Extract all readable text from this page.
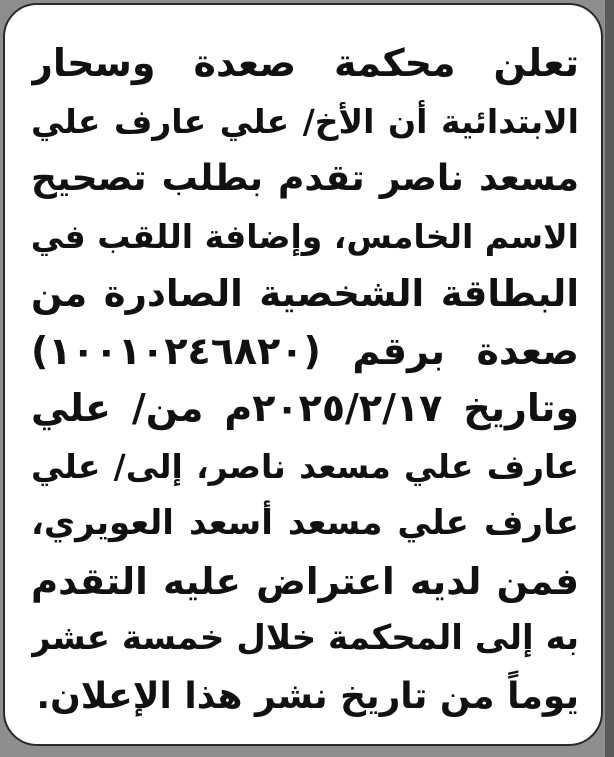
تعلن محكمة صعدة وسحار
الابتدائية أن الأخ/ علي عارف علي
مسعد ناصر تقدم بطلب تصحيح
الاسم الخامس، وإضافة اللقب في
البطاقة الشخصية الصادرة من
صعدة برقم (١٠٠١٠٢٤٦٨٢٠)
وتاريخ ٢٠٢٥/٢/١٧م من/ علي
عارف علي مسعد ناصر، إلى/ علي
عارف علي مسعد أسعد العويري،
فمن لديه اعتراض عليه التقدم
به إلى المحكمة خلال خمسة عشر
يوماً من تاريخ نشر هذا الإعلان.
